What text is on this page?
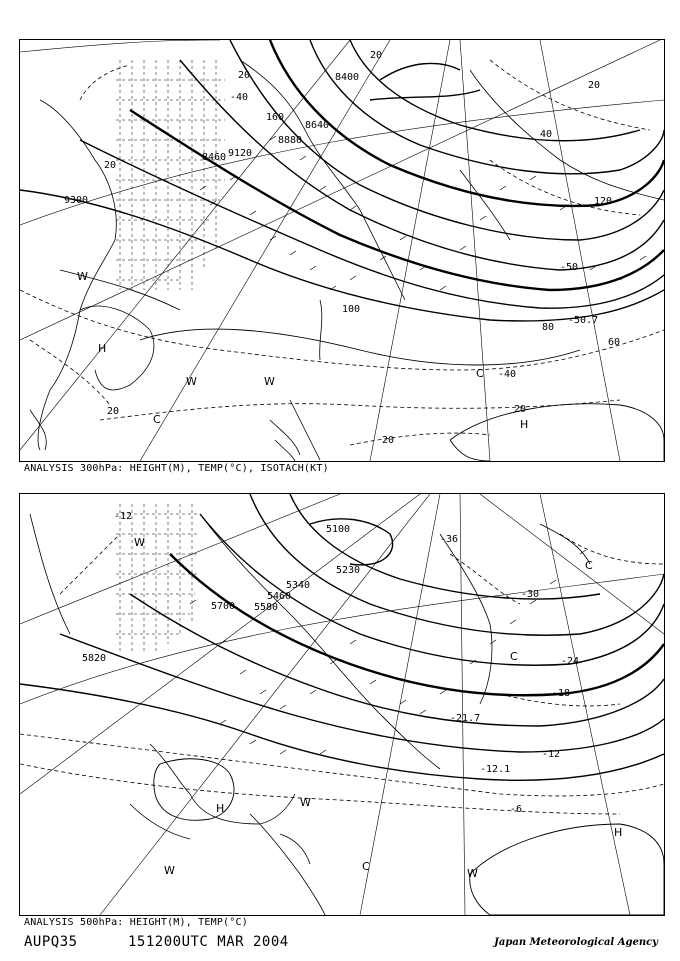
9300
9120
8880
8640
8400
8460
20
40
60
80
100
120
160
20
20
20
20
20
20
-40
-50
-40
-50.7
H
W
W	W
C
C	H
ANALYSIS 300hPa: HEIGHT(M), TEMP(°C), ISOTACH(KT)
5100
5230
5340
5460
5580
5700
5820
-12
-36
-30
-24
-18
-12
-6
-21.7
-12.1
W
C
C
H	W
W	C
W
H
ANALYSIS 500hPa: HEIGHT(M), TEMP(°C)
AUPQ35	151200UTC MAR 2004	Japan Meteorological Agency
